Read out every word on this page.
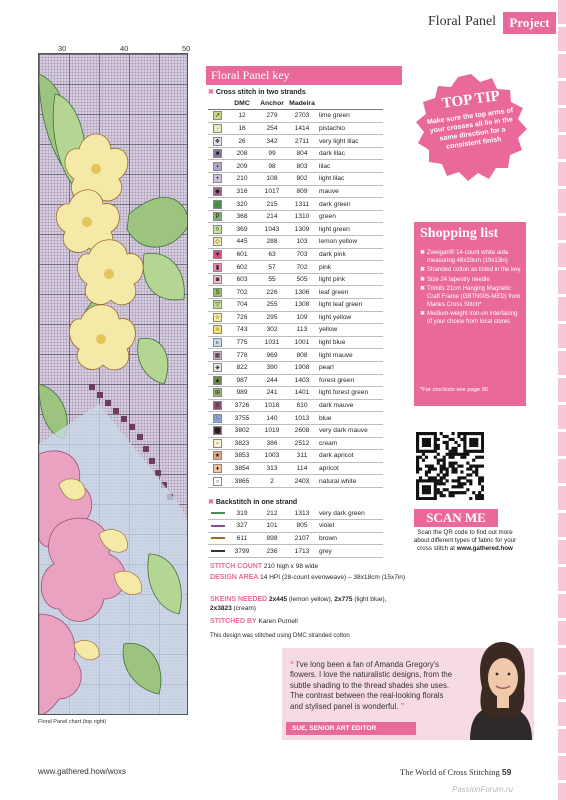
Floral Panel	Project
30	40	50
Floral Panel chart (top right)
Floral Panel key
✖ Cross stitch in two strands
	DMC	Anchor	Madeira	
↗	12	279	2703	lime green
·	16	254	1414	pistachio
❖	26	342	2711	very light lilac
■	208	99	804	dark lilac
▪	209	98	803	lilac
+	210	108	802	light lilac
◆	316	1017	809	mauve
·	320	215	1311	dark green
P	368	214	1310	green
◊	369	1043	1309	light green
◇	445	288	103	lemon yellow
♥	601	63	703	dark pink
▮	602	57	702	pink
◙	603	55	505	light pink
S	702	226	1306	leaf green
▽	704	255	1308	light leaf green
☆	726	295	109	light yellow
♀	743	302	113	yellow
▹	775	1031	1001	light blue
▦	778	969	808	light mauve
◈	822	390	1908	pearl
▲	987	244	1403	forest green
⊞	989	241	1401	light forest green
X	3726	1018	810	dark mauve
Ⓛ	3755	140	1013	blue
⬤	3802	1019	2608	very dark mauve
▫	3823	386	2512	cream
★	3853	1003	311	dark apricot
♦	3854	313	114	apricot
○	3865	2	2403	natural white
✖ Backstitch in one strand
	319	212	1313	very dark green
	327	101	805	violet
	611	898	2107	brown
	3799	236	1713	grey
STITCH COUNT 210 high x 98 wide
DESIGN AREA 14 HPI (28-count evenweave) – 38x18cm (15x7in)
SKEINS NEEDED 2x445 (lemon yellow), 2x775 (light blue), 2x3823 (cream)
STITCHED BY Karen Purnell
This design was stitched using DMC stranded cotton
TOP TIP
Make sure the top arms of your crosses all lie in the same direction for a consistent finish
Shopping list
✖ Zweigart® 14-count white aida measuring 48x33cm (19x13in)
✖ Stranded cotton as listed in the key
✖ Size 24 tapestry needle
✖ Trimits 21cm Hanging Magnetic Craft Frame (GBTN005-MED) from Maries Cross Stitch*
✖ Medium-weight iron-on interfacing of your choice from local stores
*For stockists see page 90
SCAN ME
Scan the QR code to find out more about different types of fabric for your cross stitch at www.gathered.how
“ I've long been a fan of Amanda Gregory's flowers. I love the naturalistic designs, from the subtle shading to the thread shades she uses. The contrast between the real-looking florals and stylised panel is wonderful. ”
SUE, SENIOR ART EDITOR
www.gathered.how/woxs	The World of Cross Stitching 59
PassionForum.ru
